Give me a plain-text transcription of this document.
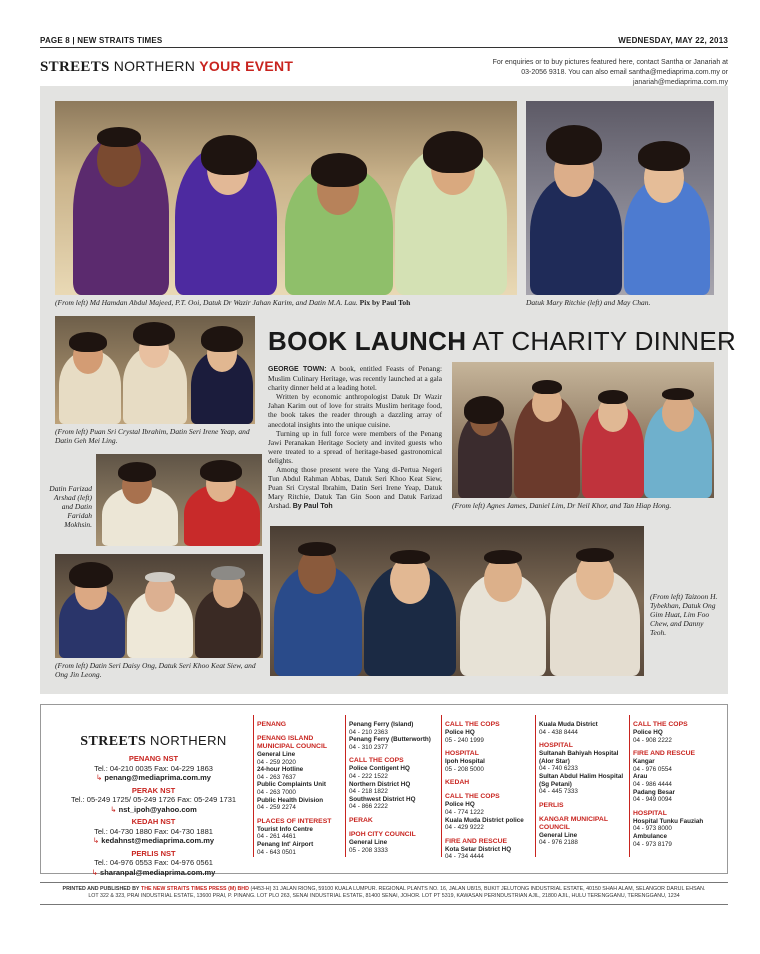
PAGE 8 | NEW STRAITS TIMES	WEDNESDAY, MAY 22, 2013
STREETS NORTHERN YOUR EVENT	For enquiries or to buy pictures featured here, contact Santha or Janariah at
03-2056 9318. You can also email santha@mediaprima.com.my or janariah@mediaprima.com.my
(From left) Md Hamdan Abdul Majeed, P.T. Ooi, Datuk Dr Wazir Jahan Karim, and Datin M.A. Lau. Pix by Paul Toh	Datuk Mary Ritchie (left) and May Chan.
(From left) Puan Sri Crystal Ibrahim, Datin Seri Irene Yeap, and Datin Geh Mei Ling.
BOOK LAUNCH AT CHARITY DINNER

GEORGE TOWN: A book, entitled Feasts of Penang: Muslim Culinary Heritage, was recently launched at a gala charity dinner held at a leading hotel.

Written by economic anthropologist Datuk Dr Wazir Jahan Karim out of love for straits Muslim heritage food, the book takes the reader through a dazzling array of anecdotal insights into the unique cuisine.

Turning up in full force were members of the Penang Jawi Peranakan Heritage Society and invited guests who were treated to a spread of heritage-based gastronomical delights.

Among those present were the Yang di-Pertua Negeri Tun Abdul Rahman Abbas, Datuk Seri Khoo Keat Siew, Puan Sri Crystal Ibrahim, Datin Seri Irene Yeap, Datuk Mary Ritchie, Datuk Tan Gin Soon and Datuk Farizad Arshad. By Paul Toh

Datin Farizad Arshad (left) and Datin Faridah Mokhsin.
(From left) Agnes James, Daniel Lim, Dr Neil Khor, and Tan Hiap Hong.
(From left) Datin Seri Daisy Ong, Datuk Seri Khoo Keat Siew, and Ong Jin Leong.
(From left) Taizoon H. Tybekhan, Datuk Ong Gim Huat, Lim Foo Chew, and Danny Teoh.
STREETS NORTHERN
PENANG NST
Tel.: 04-210 0035 Fax: 04-229 1863
↳ penang@mediaprima.com.my
PERAK NST
Tel.: 05-249 1725/ 05-249 1726 Fax: 05-249 1731
↳ nst_ipoh@yahoo.com
KEDAH NST
Tel.: 04-730 1880 Fax: 04-730 1881
↳ kedahnst@mediaprima.com.my
PERLIS NST
Tel.: 04-976 0553 Fax: 04-976 0561
↳ sharanpal@mediaprima.com.my
PENANG
PENANG ISLAND MUNICIPAL COUNCIL
General Line
04 - 259 2020
24-hour Hotline
04 - 263 7637
Public Complaints Unit
04 - 263 7000
Public Health Division
04 - 259 2274
PLACES OF INTEREST
Tourist Info Centre
04 - 261 4461
Penang Int' Airport
04 - 643 0501
Penang Ferry (Island)
04 - 210 2363
Penang Ferry (Butterworth)
04 - 310 2377
CALL THE COPS
Police Contigent HQ
04 - 222 1522
Northern District HQ
04 - 218 1822
Southwest District HQ
04 - 866 2222
PERAK
IPOH CITY COUNCIL
General Line
05 - 208 3333
CALL THE COPS
Police HQ
05 - 240 1999
HOSPITAL
Ipoh Hospital
05 - 208 5000
KEDAH
CALL THE COPS
Police HQ
04 - 774 1222
Kuala Muda District police
04 - 429 9222
FIRE AND RESCUE
Kota Setar District HQ
04 - 734 4444
Kuala Muda District
04 - 438 8444
HOSPITAL
Sultanah Bahiyah Hospital (Alor Star)
04 - 740 6233
Sultan Abdul Halim Hospital (Sg Petani)
04 - 445 7333
PERLIS
KANGAR MUNICIPAL COUNCIL
General Line
04 - 976 2188
CALL THE COPS
Police HQ
04 - 908 2222
FIRE AND RESCUE
Kangar
04 - 976 0554
Arau
04 - 986 4444
Padang Besar
04 - 949 0094
HOSPITAL
Hospital Tunku Fauziah
04 - 973 8000
Ambulance
04 - 973 8179
PRINTED AND PUBLISHED BY THE NEW STRAITS TIMES PRESS (M) BHD (4453-H) 31 JALAN RIONG, 59100 KUALA LUMPUR. REGIONAL PLANTS NO. 16, JALAN U8/15, BUKIT JELUTONG INDUSTRIAL ESTATE, 40150 SHAH ALAM, SELANGOR DARUL EHSAN.
LOT 322 & 323, PRAI INDUSTRIAL ESTATE, 13600 PRAI, P. PINANG. LOT PLO 263, SENAI INDUSTRIAL ESTATE, 81400 SENAI, JOHOR. LOT PT 5319, KAWASAN PERINDUSTRIAN AJIL, 21800 AJIL, HULU TERENGGANU, TERENGGANU, 1234
